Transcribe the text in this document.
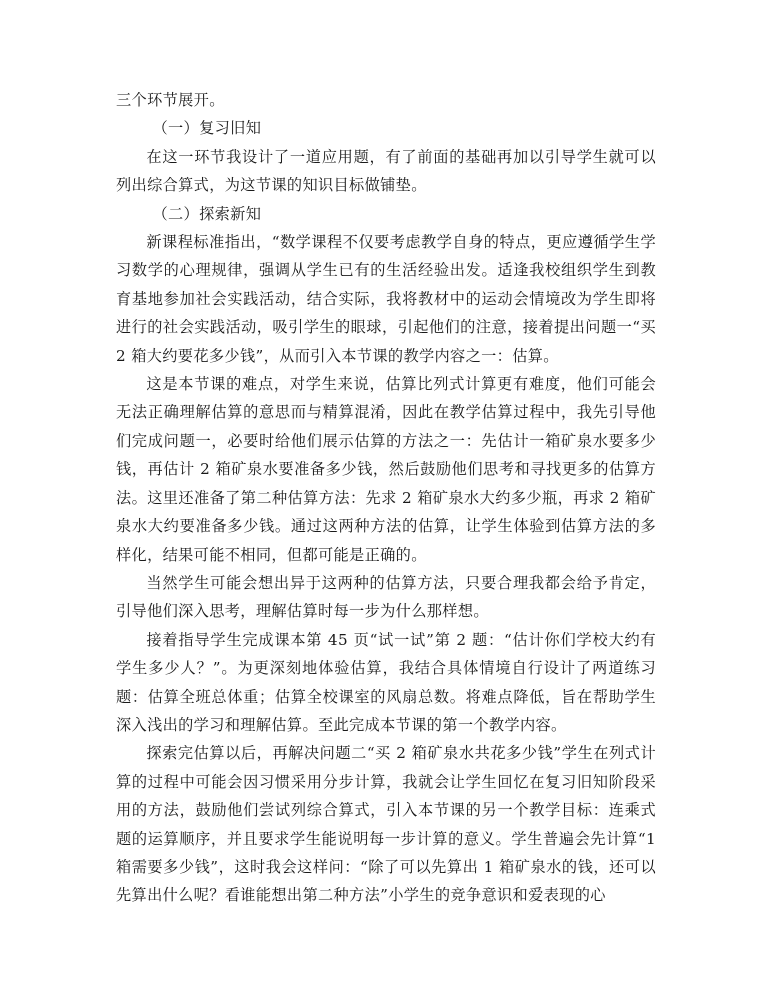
三个环节展开。

（一）复习旧知

在这一环节我设计了一道应用题，有了前面的基础再加以引导学生就可以列出综合算式，为这节课的知识目标做铺垫。

（二）探索新知

新课程标准指出，“数学课程不仅要考虑教学自身的特点，更应遵循学生学习数学的心理规律，强调从学生已有的生活经验出发。适逢我校组织学生到教育基地参加社会实践活动，结合实际，我将教材中的运动会情境改为学生即将进行的社会实践活动，吸引学生的眼球，引起他们的注意，接着提出问题一“买 2 箱大约要花多少钱”，从而引入本节课的教学内容之一：估算。

这是本节课的难点，对学生来说，估算比列式计算更有难度，他们可能会无法正确理解估算的意思而与精算混淆，因此在教学估算过程中，我先引导他们完成问题一，必要时给他们展示估算的方法之一：先估计一箱矿泉水要多少钱，再估计 2 箱矿泉水要准备多少钱，然后鼓励他们思考和寻找更多的估算方法。这里还准备了第二种估算方法：先求 2 箱矿泉水大约多少瓶，再求 2 箱矿泉水大约要准备多少钱。通过这两种方法的估算，让学生体验到估算方法的多样化，结果可能不相同，但都可能是正确的。

当然学生可能会想出异于这两种的估算方法，只要合理我都会给予肯定，引导他们深入思考，理解估算时每一步为什么那样想。

接着指导学生完成课本第 45 页“试一试”第 2 题：“估计你们学校大约有学生多少人？”。为更深刻地体验估算，我结合具体情境自行设计了两道练习题：估算全班总体重；估算全校课室的风扇总数。将难点降低，旨在帮助学生深入浅出的学习和理解估算。至此完成本节课的第一个教学内容。

探索完估算以后，再解决问题二“买 2 箱矿泉水共花多少钱”学生在列式计算的过程中可能会因习惯采用分步计算，我就会让学生回忆在复习旧知阶段采用的方法，鼓励他们尝试列综合算式，引入本节课的另一个教学目标：连乘式题的运算顺序，并且要求学生能说明每一步计算的意义。学生普遍会先计算“1 箱需要多少钱”，这时我会这样问：“除了可以先算出 1 箱矿泉水的钱，还可以先算出什么呢？看谁能想出第二种方法”小学生的竞争意识和爱表现的心
